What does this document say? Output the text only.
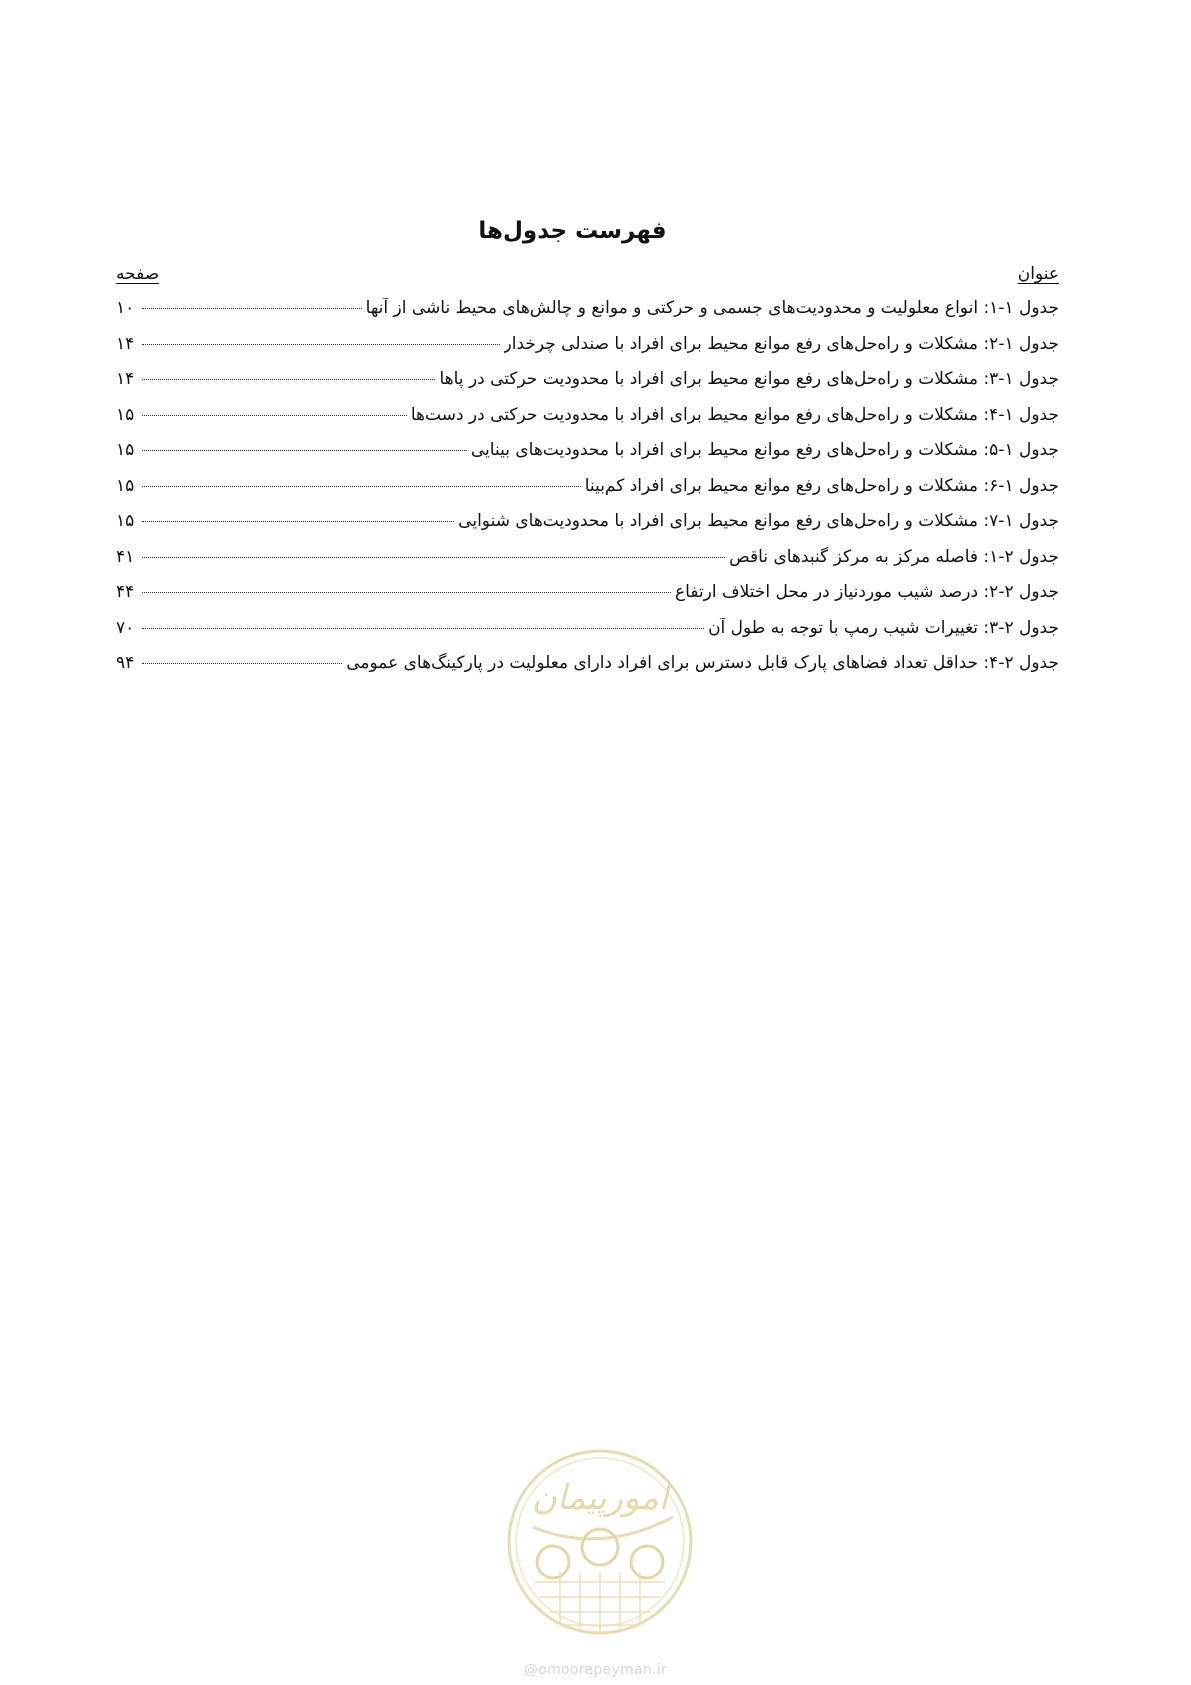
فهرست جدول‌ها
عنوان
صفحه
جدول ۱-۱: انواع معلولیت و محدودیت‌های جسمی و حرکتی و موانع و چالش‌های محیط ناشی از آنها
۱۰
جدول ۱-۲: مشکلات و راه‌حل‌های رفع موانع محیط برای افراد با صندلی چرخدار
۱۴
جدول ۱-۳: مشکلات و راه‌حل‌های رفع موانع محیط برای افراد با محدودیت حرکتی در پاها
۱۴
جدول ۱-۴: مشکلات و راه‌حل‌های رفع موانع محیط برای افراد با محدودیت حرکتی در دست‌ها
۱۵
جدول ۱-۵: مشکلات و راه‌حل‌های رفع موانع محیط برای افراد با محدودیت‌های بینایی
۱۵
جدول ۱-۶: مشکلات و راه‌حل‌های رفع موانع محیط برای افراد کم‌بینا
۱۵
جدول ۱-۷: مشکلات و راه‌حل‌های رفع موانع محیط برای افراد با محدودیت‌های شنوایی
۱۵
جدول ۲-۱: فاصله مرکز به مرکز گنبدهای ناقص
۴۱
جدول ۲-۲: درصد شیب موردنیاز در محل اختلاف ارتفاع
۴۴
جدول ۲-۳: تغییرات شیب رمپ با توجه به طول آن
۷۰
جدول ۲-۴: حداقل تعداد فضاهای پارک قابل دسترس برای افراد دارای معلولیت در پارکینگ‌های عمومی
۹۴
امورپیمان
@omoorepeyman.ir
